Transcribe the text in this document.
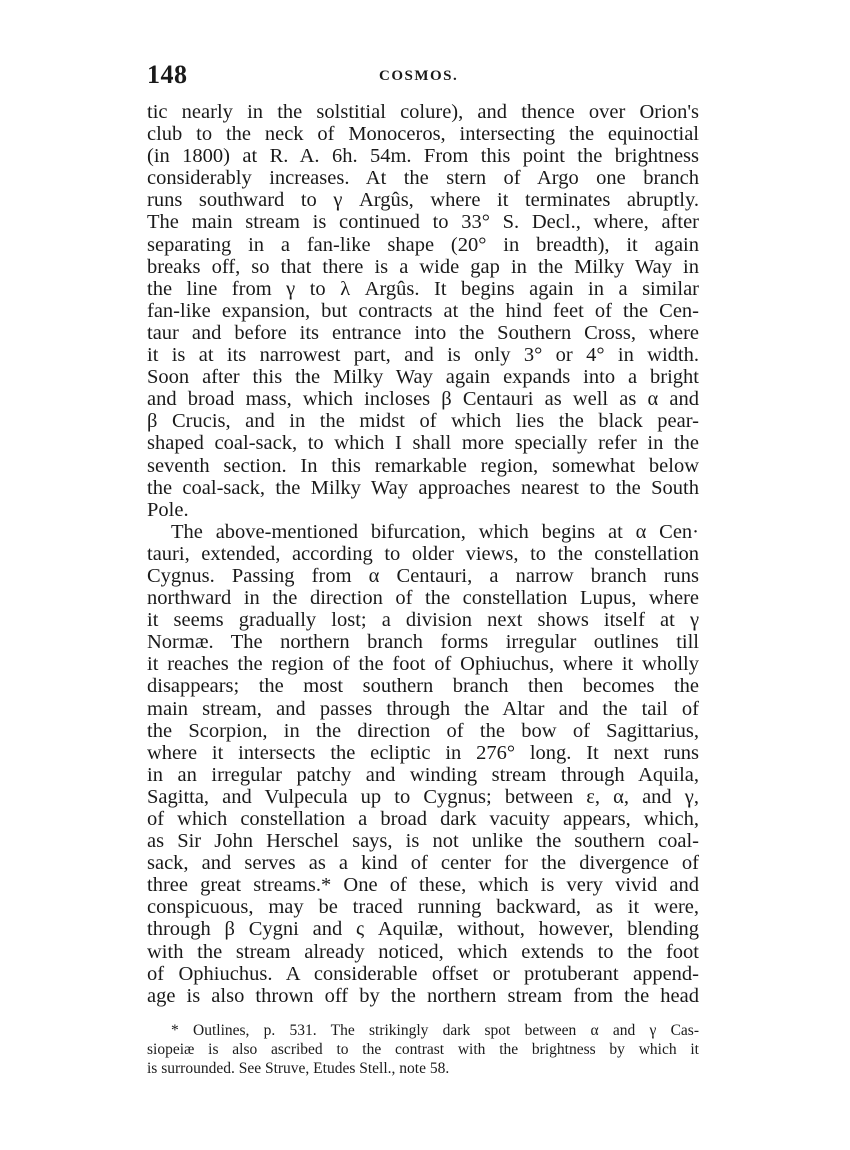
148	COSMOS.
tic nearly in the solstitial colure), and thence over Orion's
club to the neck of Monoceros, intersecting the equinoctial
(in 1800) at R. A. 6h. 54m. From this point the brightness
considerably increases. At the stern of Argo one branch
runs southward to γ Argûs, where it terminates abruptly.
The main stream is continued to 33° S. Decl., where, after
separating in a fan-like shape (20° in breadth), it again
breaks off, so that there is a wide gap in the Milky Way in
the line from γ to λ Argûs. It begins again in a similar
fan-like expansion, but contracts at the hind feet of the Cen-
taur and before its entrance into the Southern Cross, where
it is at its narrowest part, and is only 3° or 4° in width.
Soon after this the Milky Way again expands into a bright
and broad mass, which incloses β Centauri as well as α and
β Crucis, and in the midst of which lies the black pear-
shaped coal-sack, to which I shall more specially refer in the
seventh section. In this remarkable region, somewhat below
the coal-sack, the Milky Way approaches nearest to the South
Pole.
The above-mentioned bifurcation, which begins at α Cen·
tauri, extended, according to older views, to the constellation
Cygnus. Passing from α Centauri, a narrow branch runs
northward in the direction of the constellation Lupus, where
it seems gradually lost; a division next shows itself at γ
Normæ. The northern branch forms irregular outlines till
it reaches the region of the foot of Ophiuchus, where it wholly
disappears; the most southern branch then becomes the
main stream, and passes through the Altar and the tail of
the Scorpion, in the direction of the bow of Sagittarius,
where it intersects the ecliptic in 276° long. It next runs
in an irregular patchy and winding stream through Aquila,
Sagitta, and Vulpecula up to Cygnus; between ε, α, and γ,
of which constellation a broad dark vacuity appears, which,
as Sir John Herschel says, is not unlike the southern coal-
sack, and serves as a kind of center for the divergence of
three great streams.* One of these, which is very vivid and
conspicuous, may be traced running backward, as it were,
through β Cygni and ς Aquilæ, without, however, blending
with the stream already noticed, which extends to the foot
of Ophiuchus. A considerable offset or protuberant append-
age is also thrown off by the northern stream from the head
* Outlines, p. 531. The strikingly dark spot between α and γ Cas-
siopeiæ is also ascribed to the contrast with the brightness by which it
is surrounded. See Struve, Etudes Stell., note 58.
